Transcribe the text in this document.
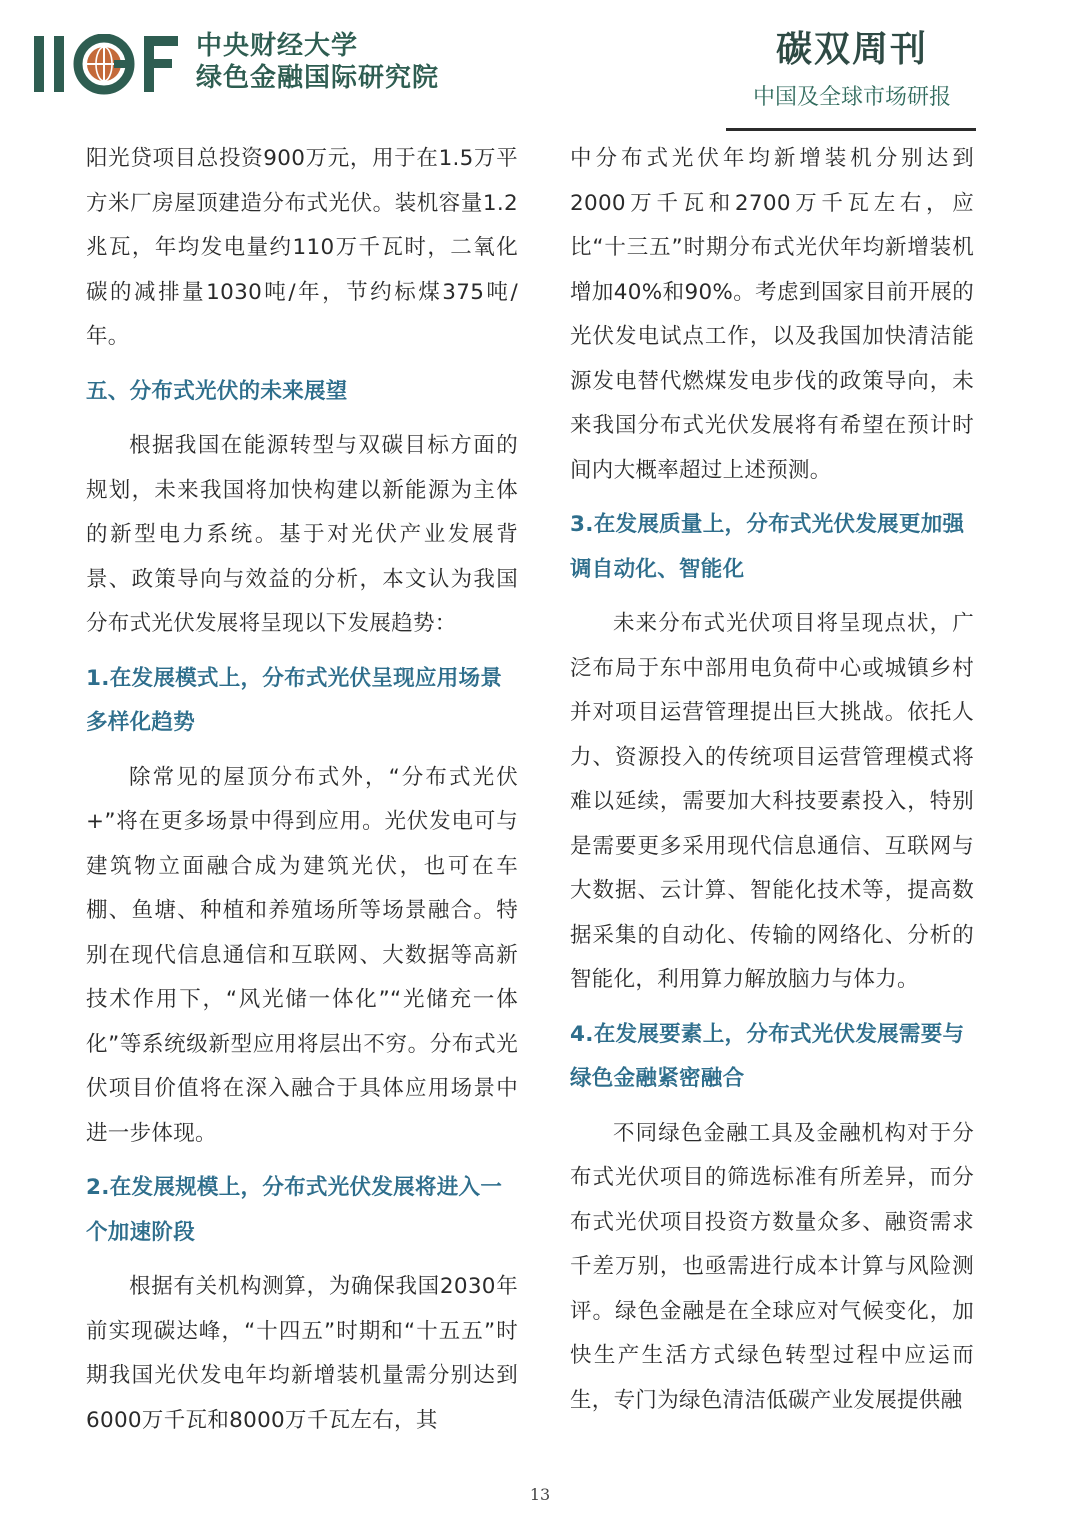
中央财经大学
绿色金融国际研究院
碳双周刊
中国及全球市场研报

阳光贷项目总投资900万元，用于在1.5万平方米厂房屋顶建造分布式光伏。装机容量1.2兆瓦，年均发电量约110万千瓦时，二氧化碳的减排量1030吨/年，节约标煤375吨/年。

五、分布式光伏的未来展望

根据我国在能源转型与双碳目标方面的规划，未来我国将加快构建以新能源为主体的新型电力系统。基于对光伏产业发展背景、政策导向与效益的分析，本文认为我国分布式光伏发展将呈现以下发展趋势：

1.在发展模式上，分布式光伏呈现应用场景多样化趋势

除常见的屋顶分布式外，“分布式光伏+”将在更多场景中得到应用。光伏发电可与建筑物立面融合成为建筑光伏，也可在车棚、鱼塘、种植和养殖场所等场景融合。特别在现代信息通信和互联网、大数据等高新技术作用下，“风光储一体化”“光储充一体化”等系统级新型应用将层出不穷。分布式光伏项目价值将在深入融合于具体应用场景中进一步体现。

2.在发展规模上，分布式光伏发展将进入一个加速阶段

根据有关机构测算，为确保我国2030年前实现碳达峰，“十四五”时期和“十五五”时期我国光伏发电年均新增装机量需分别达到6000万千瓦和8000万千瓦左右，其

中分布式光伏年均新增装机分别达到2000万千瓦和2700万千瓦左右，应比“十三五”时期分布式光伏年均新增装机增加40%和90%。考虑到国家目前开展的光伏发电试点工作，以及我国加快清洁能源发电替代燃煤发电步伐的政策导向，未来我国分布式光伏发展将有希望在预计时间内大概率超过上述预测。

3.在发展质量上，分布式光伏发展更加强调自动化、智能化

未来分布式光伏项目将呈现点状，广泛布局于东中部用电负荷中心或城镇乡村并对项目运营管理提出巨大挑战。依托人力、资源投入的传统项目运营管理模式将难以延续，需要加大科技要素投入，特别是需要更多采用现代信息通信、互联网与大数据、云计算、智能化技术等，提高数据采集的自动化、传输的网络化、分析的智能化，利用算力解放脑力与体力。

4.在发展要素上，分布式光伏发展需要与绿色金融紧密融合

不同绿色金融工具及金融机构对于分布式光伏项目的筛选标准有所差异，而分布式光伏项目投资方数量众多、融资需求千差万别，也亟需进行成本计算与风险测评。绿色金融是在全球应对气候变化，加快生产生活方式绿色转型过程中应运而生，专门为绿色清洁低碳产业发展提供融

13
